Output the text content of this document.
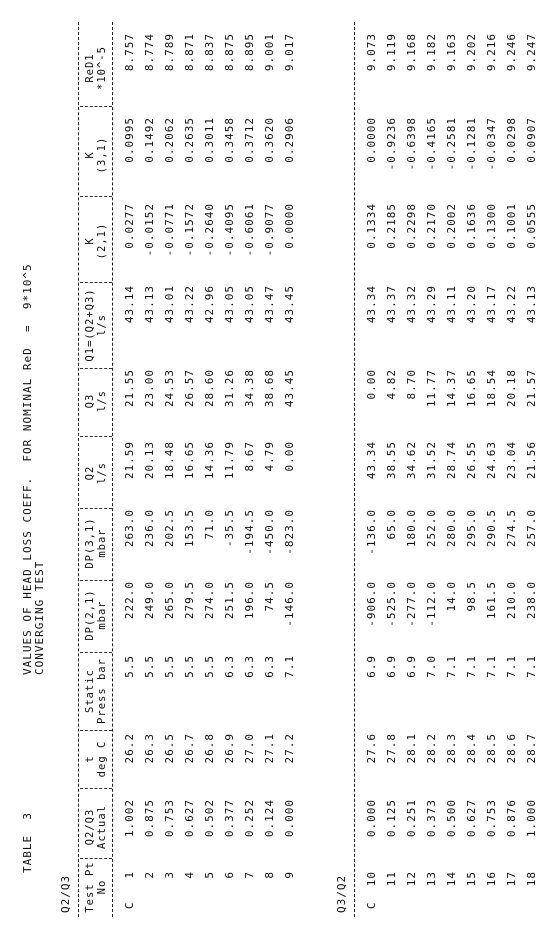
TABLE  3
VALUES OF HEAD LOSS COEFF.  FOR NOMINAL ReD  =  9*10^5 CONVERGING TEST
Q2/Q3 Test Pt No
Q2/Q3 Actual
t deg C
Static Press bar
DP(2,1) mbar
DP(3,1) mbar
Q2 l/s
Q3 l/s
Q1=(Q2+Q3) l/s
K (2,1)
K (3,1)
ReD1 *10^-5
C   1
1.002
26.2
5.5
222.0
263.0
21.59
21.55
43.14
0.0277
0.0995
8.757
2
0.875
26.3
5.5
249.0
236.0
20.13
23.00
43.13
-0.0152
0.1492
8.774
3
0.753
26.5
5.5
265.0
202.5
18.48
24.53
43.01
-0.0771
0.2062
8.789
4
0.627
26.7
5.5
279.5
153.5
16.65
26.57
43.22
-0.1572
0.2635
8.871
5
0.502
26.8
5.5
274.0
71.0
14.36
28.60
42.96
-0.2640
0.3011
8.837
6
0.377
26.9
6.3
251.5
-35.5
11.79
31.26
43.05
-0.4095
0.3458
8.875
7
0.252
27.0
6.3
196.0
-194.5
8.67
34.38
43.05
-0.6061
0.3712
8.895
8
0.124
27.1
6.3
74.5
-450.0
4.79
38.68
43.47
-0.9077
0.3620
9.001
9
0.000
27.2
7.1
-146.0
-823.0
0.00
43.45
43.45
0.0000
0.2906
9.017
Q3/Q2 C  10
0.000
27.6
6.9
-906.0
-136.0
43.34
0.00
43.34
0.1334
0.0000
9.073
11
0.125
27.8
6.9
-525.0
65.0
38.55
4.82
43.37
0.2185
-0.9236
9.119
12
0.251
28.1
6.9
-277.0
180.0
34.62
8.70
43.32
0.2298
-0.6398
9.168
13
0.373
28.2
7.0
-112.0
252.0
31.52
11.77
43.29
0.2170
-0.4165
9.182
14
0.500
28.3
7.1
14.0
280.0
28.74
14.37
43.11
0.2002
-0.2581
9.163
15
0.627
28.4
7.1
98.5
295.0
26.55
16.65
43.20
0.1636
-0.1281
9.202
16
0.753
28.5
7.1
161.5
290.5
24.63
18.54
43.17
0.1300
-0.0347
9.216
17
0.876
28.6
7.1
210.0
274.5
23.04
20.18
43.22
0.1001
0.0298
9.246
18
1.000
28.7
7.1
238.0
257.0
21.56
21.57
43.13
0.0555
0.0907
9.247
